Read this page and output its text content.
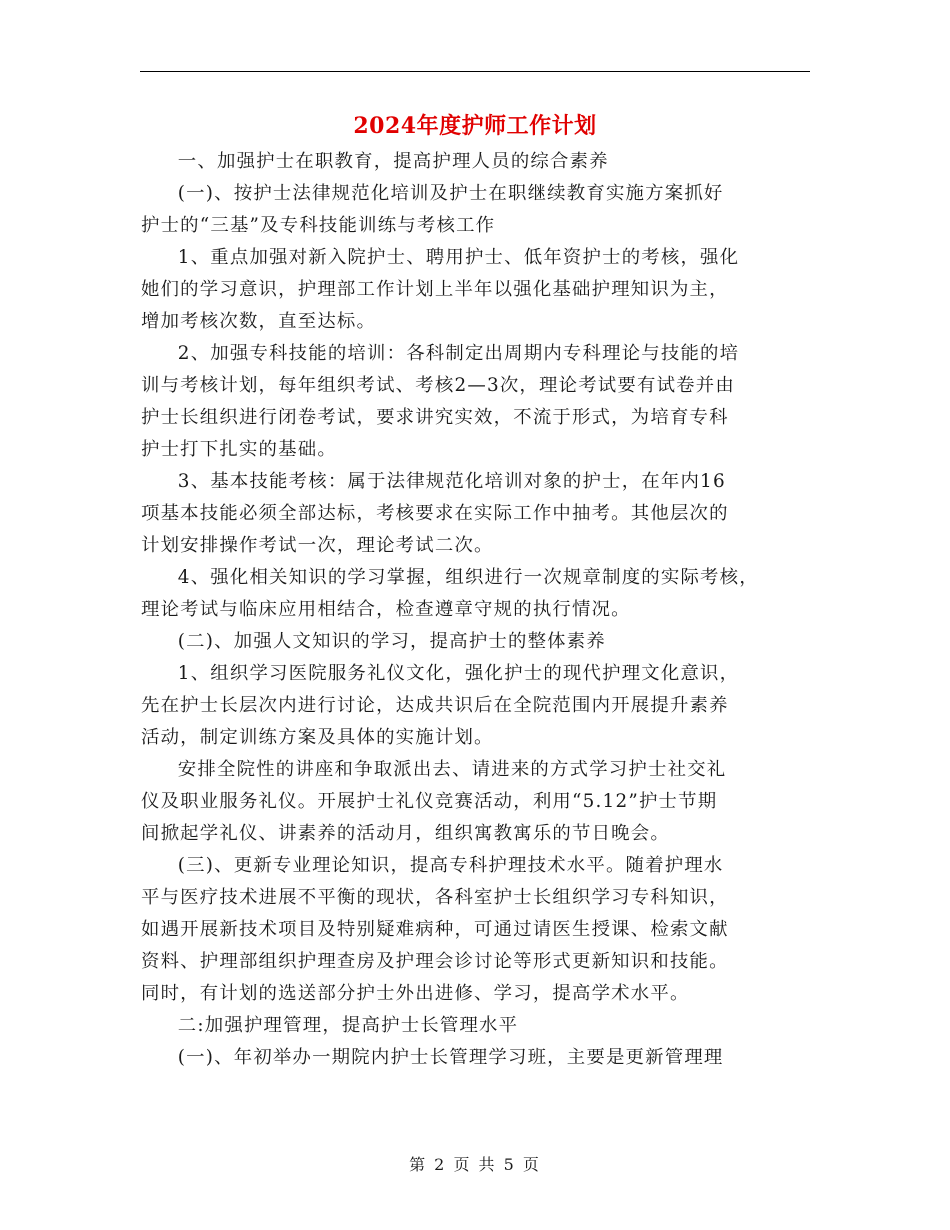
2024年度护师工作计划

一、加强护士在职教育，提高护理人员的综合素养

(一)、按护士法律规范化培训及护士在职继续教育实施方案抓好
护士的“三基”及专科技能训练与考核工作

1、重点加强对新入院护士、聘用护士、低年资护士的考核，强化
她们的学习意识，护理部工作计划上半年以强化基础护理知识为主，
增加考核次数，直至达标。

2、加强专科技能的培训：各科制定出周期内专科理论与技能的培
训与考核计划，每年组织考试、考核2—3次，理论考试要有试卷并由
护士长组织进行闭卷考试，要求讲究实效，不流于形式，为培育专科
护士打下扎实的基础。

3、基本技能考核：属于法律规范化培训对象的护士，在年内16
项基本技能必须全部达标，考核要求在实际工作中抽考。其他层次的
计划安排操作考试一次，理论考试二次。

4、强化相关知识的学习掌握，组织进行一次规章制度的实际考核，
理论考试与临床应用相结合，检查遵章守规的执行情况。

(二)、加强人文知识的学习，提高护士的整体素养

1、组织学习医院服务礼仪文化，强化护士的现代护理文化意识，
先在护士长层次内进行讨论，达成共识后在全院范围内开展提升素养
活动，制定训练方案及具体的实施计划。

安排全院性的讲座和争取派出去、请进来的方式学习护士社交礼
仪及职业服务礼仪。开展护士礼仪竞赛活动，利用“5.12”护士节期
间掀起学礼仪、讲素养的活动月，组织寓教寓乐的节日晚会。

(三)、更新专业理论知识，提高专科护理技术水平。随着护理水
平与医疗技术进展不平衡的现状，各科室护士长组织学习专科知识，
如遇开展新技术项目及特别疑难病种，可通过请医生授课、检索文献
资料、护理部组织护理查房及护理会诊讨论等形式更新知识和技能。
同时，有计划的选送部分护士外出进修、学习，提高学术水平。

二:加强护理管理，提高护士长管理水平

(一)、年初举办一期院内护士长管理学习班，主要是更新管理理

第 2 页 共 5 页
